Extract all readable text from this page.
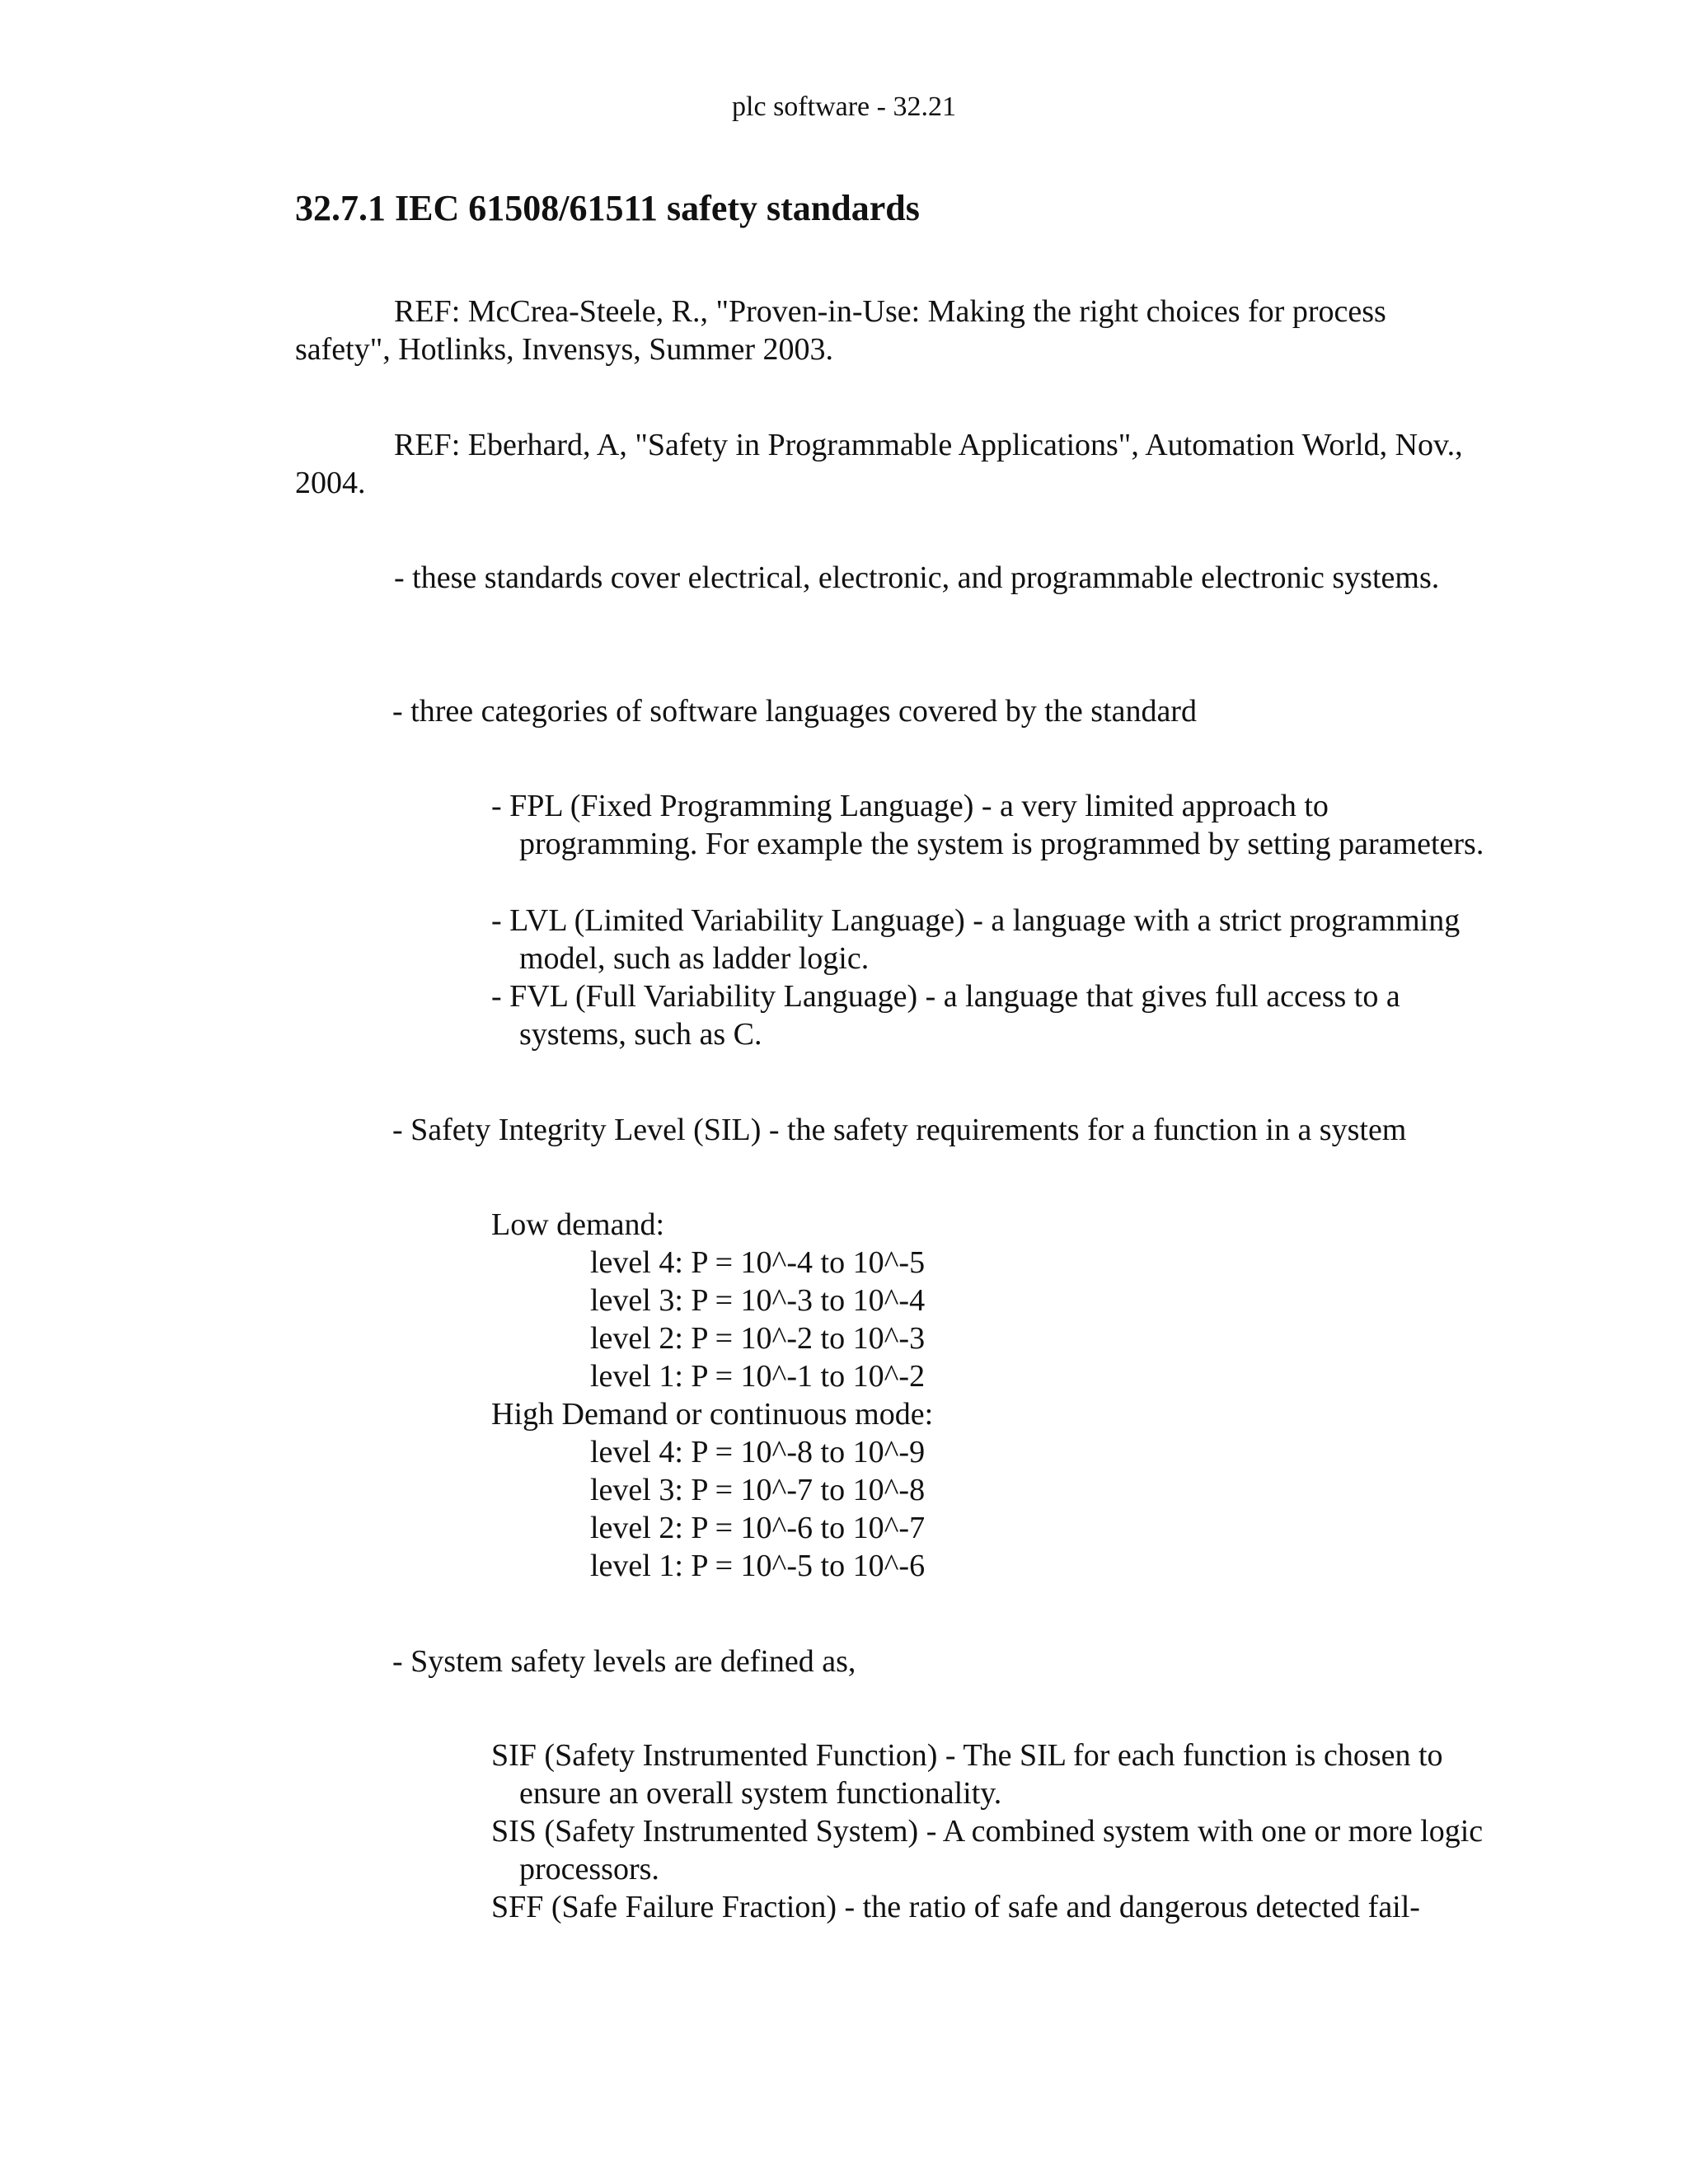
plc software - 32.21
32.7.1 IEC 61508/61511 safety standards
REF: McCrea-Steele, R., "Proven-in-Use: Making the right choices for process safety", Hotlinks, Invensys, Summer 2003.
REF: Eberhard, A, "Safety in Programmable Applications", Automation World, Nov., 2004.
- these standards cover electrical, electronic, and programmable electronic systems.
- three categories of software languages covered by the standard
- FPL (Fixed Programming Language) - a very limited approach to programming. For example the system is programmed by setting parameters.
- LVL (Limited Variability Language) - a language with a strict programming model, such as ladder logic.
- FVL (Full Variability Language) - a language that gives full access to a systems, such as C.
- Safety Integrity Level (SIL) - the safety requirements for a function in a system
Low demand:
level 4: P = 10^-4 to 10^-5
level 3: P = 10^-3 to 10^-4
level 2: P = 10^-2 to 10^-3
level 1: P = 10^-1 to 10^-2
High Demand or continuous mode:
level 4: P = 10^-8 to 10^-9
level 3: P = 10^-7 to 10^-8
level 2: P = 10^-6 to 10^-7
level 1: P = 10^-5 to 10^-6
- System safety levels are defined as,
SIF (Safety Instrumented Function) - The SIL for each function is chosen to ensure an overall system functionality.
SIS (Safety Instrumented System) - A combined system with one or more logic processors.
SFF (Safe Failure Fraction) - the ratio of safe and dangerous detected fail-
